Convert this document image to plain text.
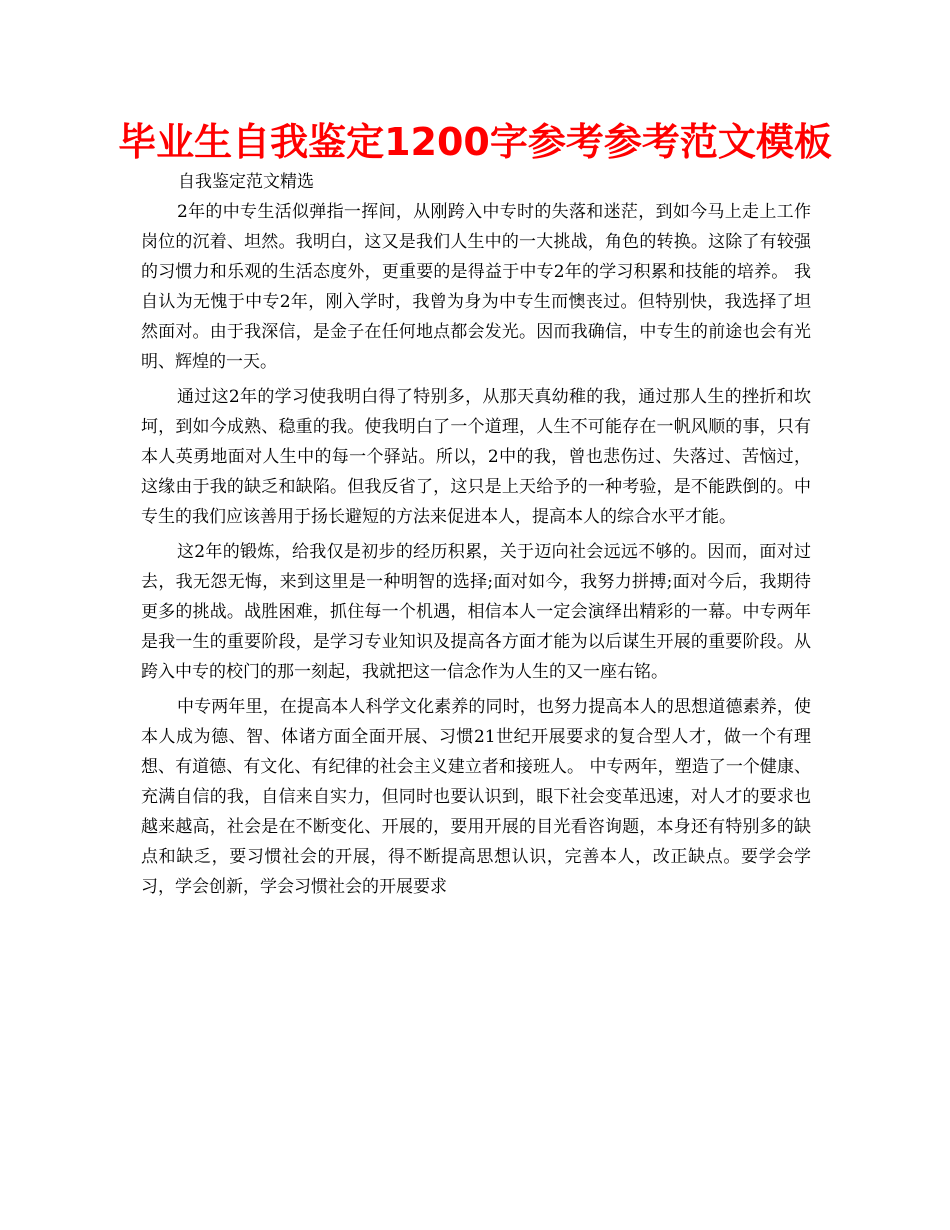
毕业生自我鉴定1200字参考参考范文模板

自我鉴定范文精选

2年的中专生活似弹指一挥间，从刚跨入中专时的失落和迷茫，到如今马上走上工作岗位的沉着、坦然。我明白，这又是我们人生中的一大挑战，角色的转换。这除了有较强的习惯力和乐观的生活态度外，更重要的是得益于中专2年的学习积累和技能的培养。 我自认为无愧于中专2年，刚入学时，我曾为身为中专生而懊丧过。但特别快，我选择了坦然面对。由于我深信，是金子在任何地点都会发光。因而我确信，中专生的前途也会有光明、辉煌的一天。

通过这2年的学习使我明白得了特别多，从那天真幼稚的我，通过那人生的挫折和坎坷，到如今成熟、稳重的我。使我明白了一个道理，人生不可能存在一帆风顺的事，只有本人英勇地面对人生中的每一个驿站。所以，2中的我，曾也悲伤过、失落过、苦恼过，这缘由于我的缺乏和缺陷。但我反省了，这只是上天给予的一种考验，是不能跌倒的。中专生的我们应该善用于扬长避短的方法来促进本人，提高本人的综合水平才能。

这2年的锻炼，给我仅是初步的经历积累，关于迈向社会远远不够的。因而，面对过去，我无怨无悔，来到这里是一种明智的选择;面对如今，我努力拼搏;面对今后，我期待更多的挑战。战胜困难，抓住每一个机遇，相信本人一定会演绎出精彩的一幕。中专两年是我一生的重要阶段，是学习专业知识及提高各方面才能为以后谋生开展的重要阶段。从跨入中专的校门的那一刻起，我就把这一信念作为人生的又一座右铭。

中专两年里，在提高本人科学文化素养的同时，也努力提高本人的思想道德素养，使本人成为德、智、体诸方面全面开展、习惯21世纪开展要求的复合型人才，做一个有理想、有道德、有文化、有纪律的社会主义建立者和接班人。 中专两年，塑造了一个健康、充满自信的我，自信来自实力，但同时也要认识到，眼下社会变革迅速，对人才的要求也越来越高，社会是在不断变化、开展的，要用开展的目光看咨询题，本身还有特别多的缺点和缺乏，要习惯社会的开展，得不断提高思想认识，完善本人，改正缺点。要学会学习，学会创新，学会习惯社会的开展要求
